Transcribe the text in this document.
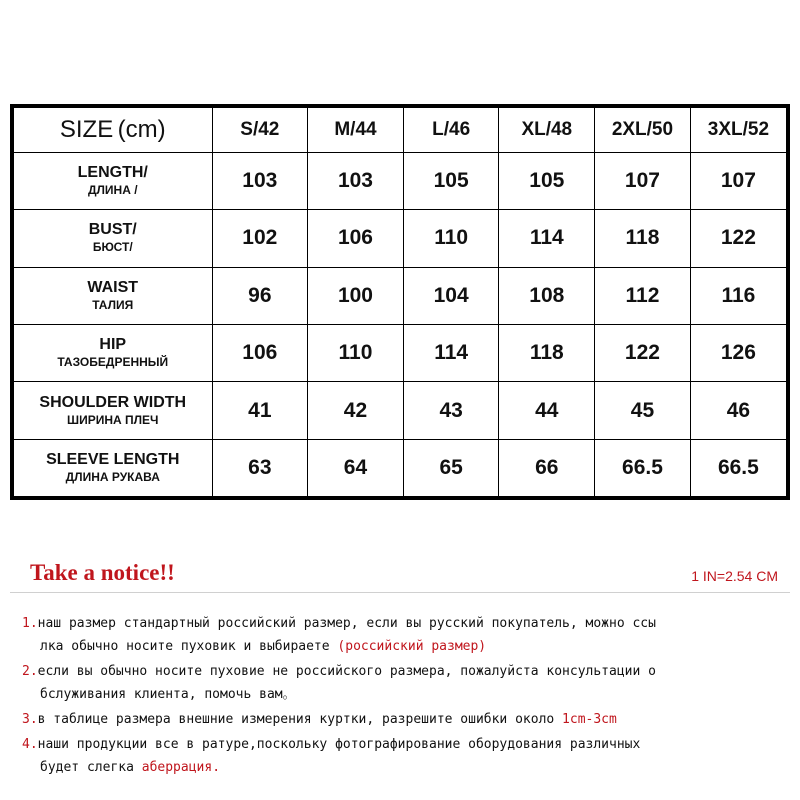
SIZE (cm)	S/42	M/44	L/46	XL/48	2XL/50	3XL/52

LENGTH/
ДЛИНА /	103	103	105	105	107	107

BUST/
БЮСТ/	102	106	110	114	118	122

WAIST
ТАЛИЯ	96	100	104	108	112	116

HIP
ТАЗОБЕДРЕННЫЙ	106	110	114	118	122	126

SHOULDER WIDTH
ШИРИНА ПЛЕЧ	41	42	43	44	45	46

SLEEVE LENGTH
ДЛИНА РУКАВА	63	64	65	66	66.5	66.5
Take a notice!!	1 IN=2.54 CM
1.наш размер стандартный российский размер, если вы русский покупатель, можно ссы
лка обычно носите пуховик и выбираете (российский размер)
2.если вы обычно носите пуховие не российского размера, пожалуйста консультации о
бслуживания клиента, помочь вам。
3.в таблице размера внешние измерения куртки, разрешите ошибки около 1cm-3cm
4.наши продукции все в ратуре,поскольку фотографирование оборудования различных
будет слегка аберрация.
